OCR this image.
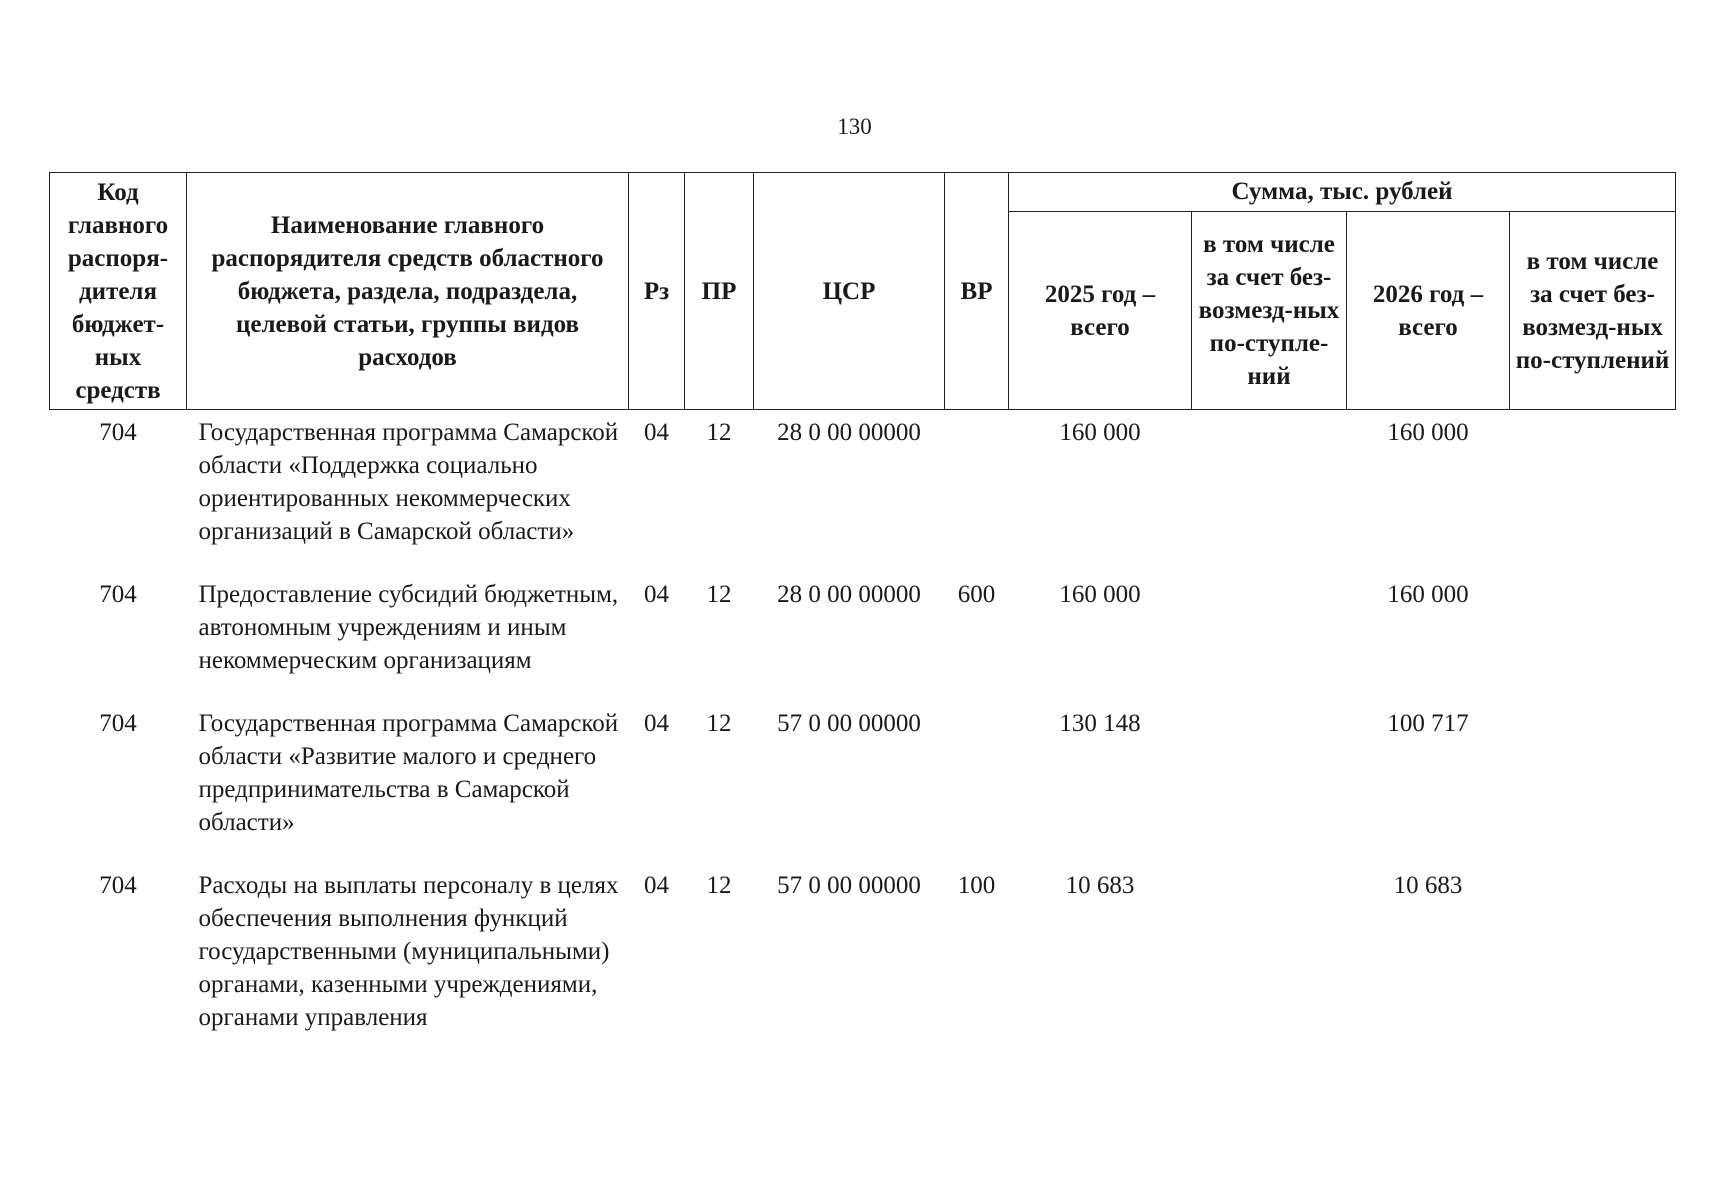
130
Код главного распоря-дителя бюджет-ных средств	Наименование главного распорядителя средств областного бюджета, раздела, подраздела, целевой статьи, группы видов расходов	Рз	ПР	ЦСР	ВР	Сумма, тыс. рублей			
						2025 год – всего	в том числе за счет без-возмезд-ных по-ступле-ний	2026 год – всего	в том числе за счет без-возмезд-ных по-ступлений
704	Государственная программа Самарской области «Поддержка социально ориентированных некоммерческих организаций в Самарской области»	04	12	28 0 00 00000		160 000		160 000	
704	Предоставление субсидий бюджетным, автономным учреждениям и иным некоммерческим организациям	04	12	28 0 00 00000	600	160 000		160 000	
704	Государственная программа Самарской области «Развитие малого и среднего предпринимательства в Самарской области»	04	12	57 0 00 00000		130 148		100 717	
704	Расходы на выплаты персоналу в целях обеспечения выполнения функций государственными (муниципальными) органами, казенными учреждениями, органами управления	04	12	57 0 00 00000	100	10 683		10 683	
